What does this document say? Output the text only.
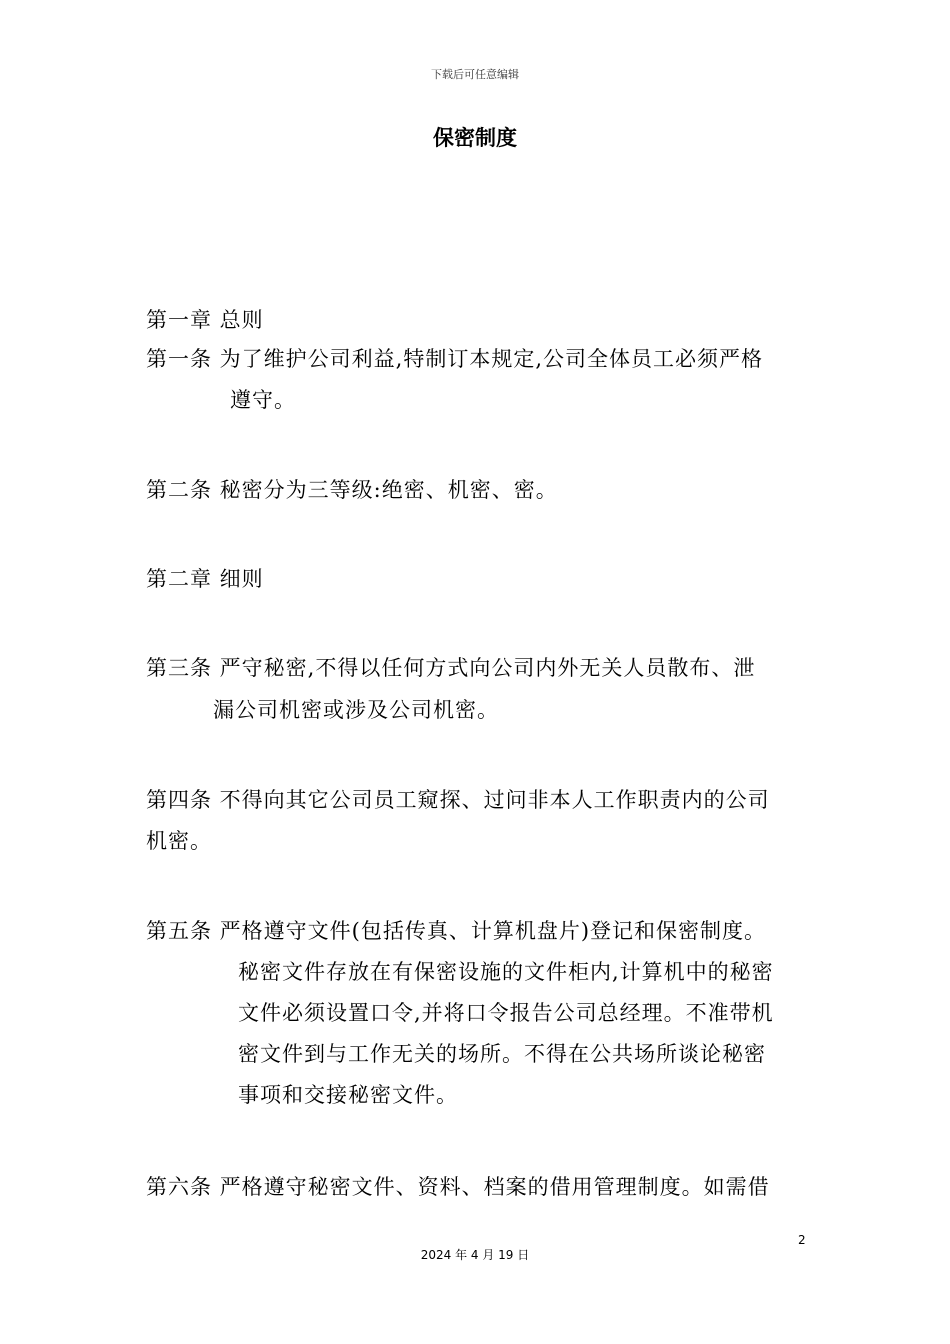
下载后可任意编辑
保密制度
第一章 总则
第一条 为了维护公司利益,特制订本规定,公司全体员工必须严格
遵守。
第二条 秘密分为三等级:绝密、机密、密。
第二章 细则
第三条 严守秘密,不得以任何方式向公司内外无关人员散布、泄
漏公司机密或涉及公司机密。
第四条 不得向其它公司员工窥探、过问非本人工作职责内的公司
机密。
第五条 严格遵守文件(包括传真、计算机盘片)登记和保密制度。
秘密文件存放在有保密设施的文件柜内,计算机中的秘密
文件必须设置口令,并将口令报告公司总经理。不准带机
密文件到与工作无关的场所。不得在公共场所谈论秘密
事项和交接秘密文件。
第六条 严格遵守秘密文件、资料、档案的借用管理制度。如需借
2
2024 年 4 月 19 日
